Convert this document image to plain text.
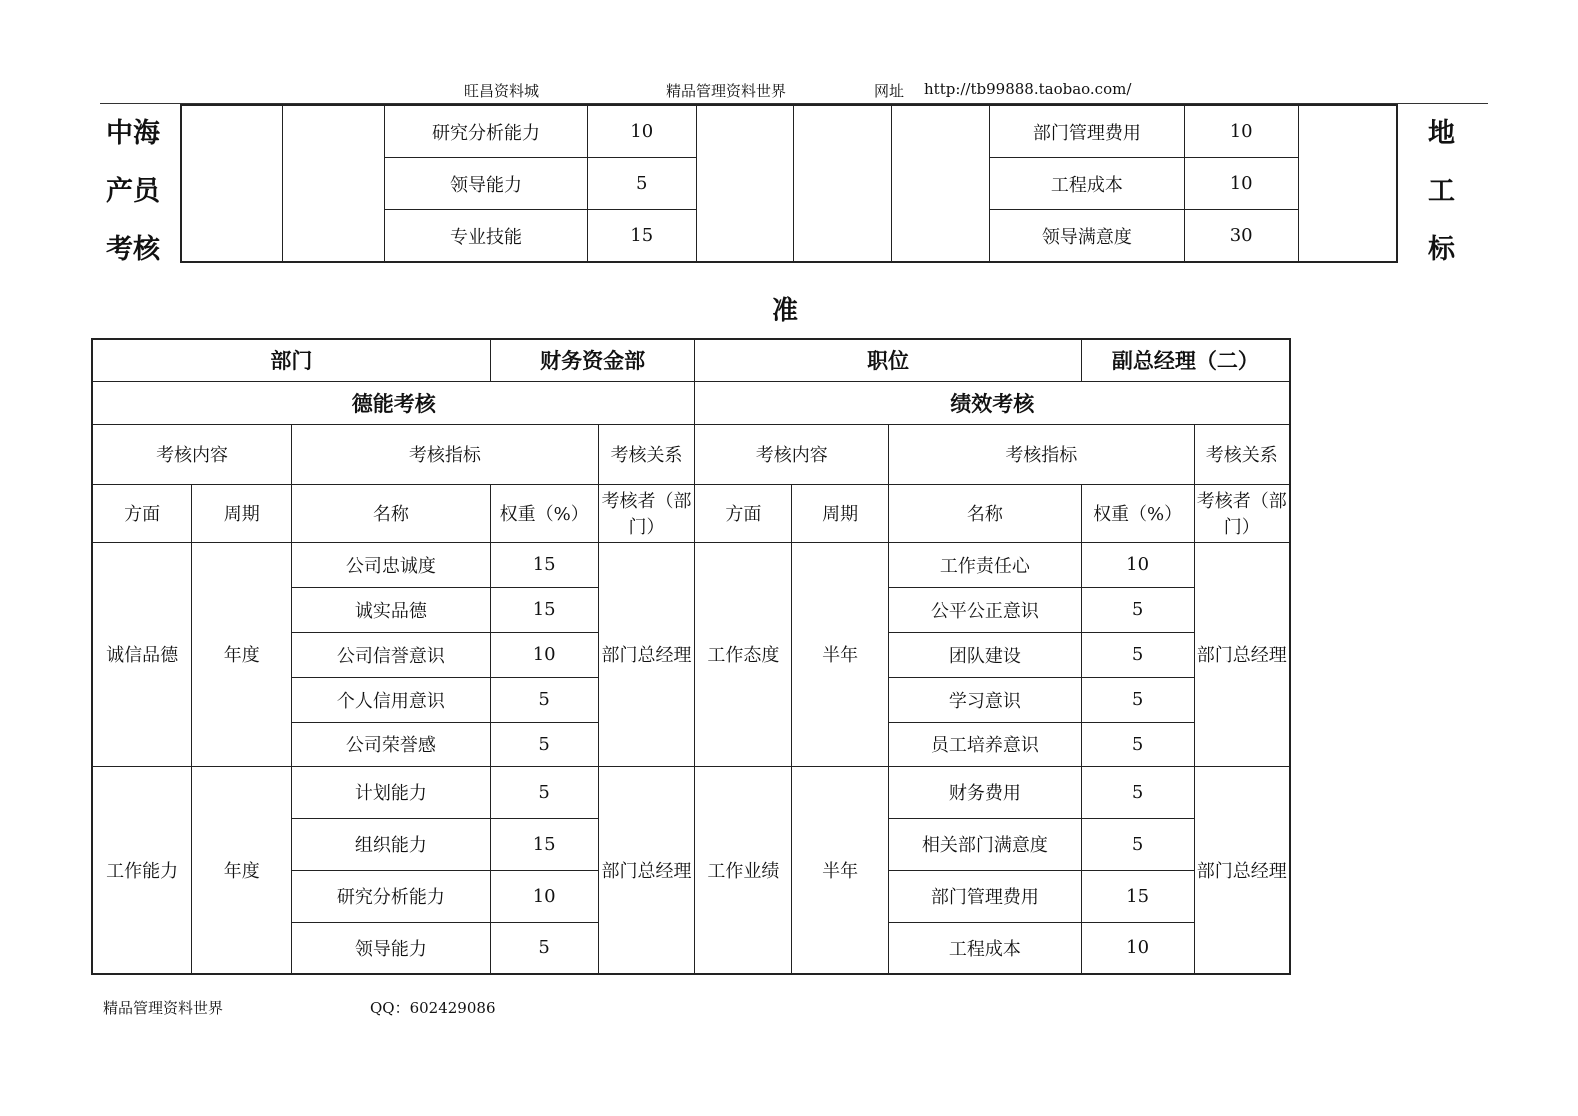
旺昌资料城	精品管理资料世界	网址 http://tb99888.taobao.com/
中海
产员
考核
地
工
标
		研究分析能力	10				部门管理费用	10	
		领导能力	5				工程成本	10	
		专业技能	15				领导满意度	30	
准
部门			财务资金部		职位			副总经理（二）	
德能考核					绩效考核				
考核内容		考核指标		考核关系	考核内容		考核指标		考核关系
方面	周期	名称	权重（%）	考核者（部门）	方面	周期	名称	权重（%）	考核者（部门）
诚信品德	年度	公司忠诚度	15	部门总经理	工作态度	半年	工作责任心	10	部门总经理
		诚实品德	15				公平公正意识	5	
		公司信誉意识	10				团队建设	5	
		个人信用意识	5				学习意识	5	
		公司荣誉感	5				员工培养意识	5	
工作能力	年度	计划能力	5	部门总经理	工作业绩	半年	财务费用	5	部门总经理
		组织能力	15				相关部门满意度	5	
		研究分析能力	10				部门管理费用	15	
		领导能力	5				工程成本	10	
精品管理资料世界	QQ：602429086
